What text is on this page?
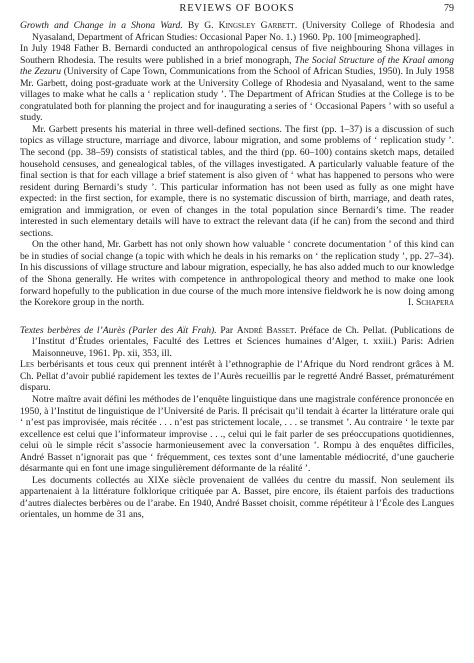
REVIEWS OF BOOKS	79

Growth and Change in a Shona Ward. By G. Kingsley Garbett. (University College of Rhodesia and Nyasaland, Department of African Studies: Occasional Paper No. 1.) 1960. Pp. 100 [mimeographed].

In July 1948 Father B. Bernardi conducted an anthropological census of five neighbouring Shona villages in Southern Rhodesia. The results were published in a brief monograph, The Social Structure of the Kraal among the Zezuru (University of Cape Town, Communications from the School of African Studies, 1950). In July 1958 Mr. Garbett, doing post-graduate work at the University College of Rhodesia and Nyasaland, went to the same villages to make what he calls a ‘ replication study ’. The Department of African Studies at the College is to be congratulated both for planning the project and for inaugurating a series of ‘ Occasional Papers ’ with so useful a study.

Mr. Garbett presents his material in three well-defined sections. The first (pp. 1–37) is a discussion of such topics as village structure, marriage and divorce, labour migration, and some problems of ‘ replication study ’. The second (pp. 38–59) consists of statistical tables, and the third (pp. 60–100) contains sketch maps, detailed household censuses, and genealogical tables, of the villages investigated. A particularly valuable feature of the final section is that for each village a brief statement is also given of ‘ what has happened to persons who were resident during Bernardi’s study ’. This particular information has not been used as fully as one might have expected: in the first section, for example, there is no systematic discussion of birth, marriage, and death rates, emigration and immigration, or even of changes in the total population since Bernardi’s time. The reader interested in such elementary details will have to extract the relevant data (if he can) from the second and third sections.

On the other hand, Mr. Garbett has not only shown how valuable ‘ concrete documentation ’ of this kind can be in studies of social change (a topic with which he deals in his remarks on ‘ the replication study ’, pp. 27–34). In his discussions of village structure and labour migration, especially, he has also added much to our knowledge of the Shona generally. He writes with competence in anthropological theory and method to make one look forward hopefully to the publication in due course of the much more intensive fieldwork he is now doing among the Korekore group in the north.	I. Schapera

Textes berbères de l’Aurès (Parler des Aït Frah). Par André Basset. Préface de Ch. Pellat. (Publications de l’Institut d’Études orientales, Faculté des Lettres et Sciences humaines d’Alger, t. xxiii.) Paris: Adrien Maisonneuve, 1961. Pp. xii, 353, ill.

Les berbérisants et tous ceux qui prennent intérêt à l’ethnographie de l’Afrique du Nord rendront grâces à M. Ch. Pellat d’avoir publié rapidement les textes de l’Aurès recueillis par le regretté André Basset, prématurément disparu.

Notre maître avait défini les méthodes de l’enquête linguistique dans une magistrale conférence prononcée en 1950, à l’Institut de linguistique de l’Université de Paris. Il précisait qu’il tendait à écarter la littérature orale qui ‘ n’est pas improvisée, mais récitée . . . n’est pas strictement locale, . . . se transmet ’. Au contraire ‘ le texte par excellence est celui que l’informateur improvise . . ., celui qui le fait parler de ses préoccupations quotidiennes, celui où le simple récit s’associe harmonieusement avec la conversation ’. Rompu à des enquêtes difficiles, André Basset n’ignorait pas que ‘ fréquemment, ces textes sont d’une lamentable médiocrité, d’une gaucherie désarmante qui en font une image singulièrement déformante de la réalité ’.

Les documents collectés au XIXe siècle provenaient de vallées du centre du massif. Non seulement ils appartenaient à la littérature folklorique critiquée par A. Basset, pire encore, ils étaient parfois des traductions d’autres dialectes berbères ou de l’arabe. En 1940, André Basset choisit, comme répétiteur à l’École des Langues orientales, un homme de 31 ans,
